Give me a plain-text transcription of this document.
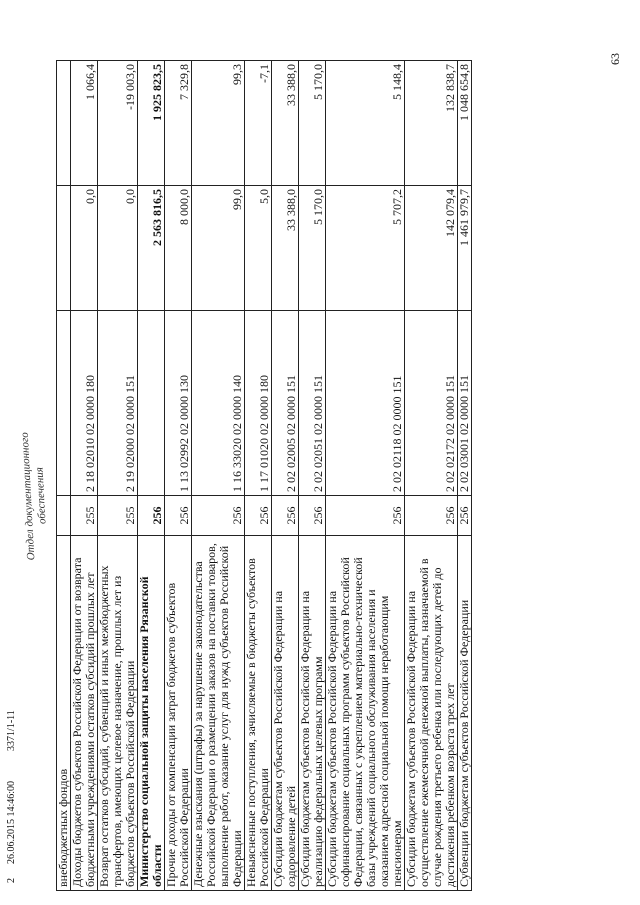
63
226.06.2015 14:46:003371/1-11
Отдел документационного
обеспечения
внебюджетных фондов				
Доходы бюджетов субъектов Российской Федерации от возврата бюджетными учреждениями остатков субсидий прошлых лет	255	2 18 02010 02 0000 180	0,0	1 066,4
Возврат остатков субсидий, субвенций и иных межбюджетных трансфертов, имеющих целевое назначение, прошлых лет из бюджетов субъектов Российской Федерации	255	2 19 02000 02 0000 151	0,0	-19 003,0
Министерство социальной защиты населения Рязанской области	256		2 563 816,5	1 925 823,5
Прочие доходы от компенсации затрат бюджетов субъектов Российской Федерации	256	1 13 02992 02 0000 130	8 000,0	7 329,8
Денежные взыскания (штрафы) за нарушение законодательства Российской Федерации о размещении заказов на поставки товаров, выполнение работ, оказание услуг для нужд субъектов Российской Федерации	256	1 16 33020 02 0000 140	99,0	99,3
Невыясненные поступления, зачисляемые в бюджеты субъектов Российской Федерации	256	1 17 01020 02 0000 180	5,0	-7,1
Субсидии бюджетам субъектов Российской Федерации на оздоровление детей	256	2 02 02005 02 0000 151	33 388,0	33 388,0
Субсидии бюджетам субъектов Российской Федерации на реализацию федеральных целевых программ	256	2 02 02051 02 0000 151	5 170,0	5 170,0
Субсидии бюджетам субъектов Российской Федерации на софинансирование социальных программ субъектов Российской Федерации, связанных с укреплением материально-технической базы учреждений социального обслуживания населения и оказанием адресной социальной помощи неработающим пенсионерам	256	2 02 02118 02 0000 151	5 707,2	5 148,4
Субсидии бюджетам субъектов Российской Федерации на осуществление ежемесячной денежной выплаты, назначаемой в случае рождения третьего ребенка или последующих детей до достижения ребенком возраста трех лет	256	2 02 02172 02 0000 151	142 079,4	132 838,7
Субвенции бюджетам субъектов Российской Федерации	256	2 02 03001 02 0000 151	1 461 979,7	1 048 654,8
